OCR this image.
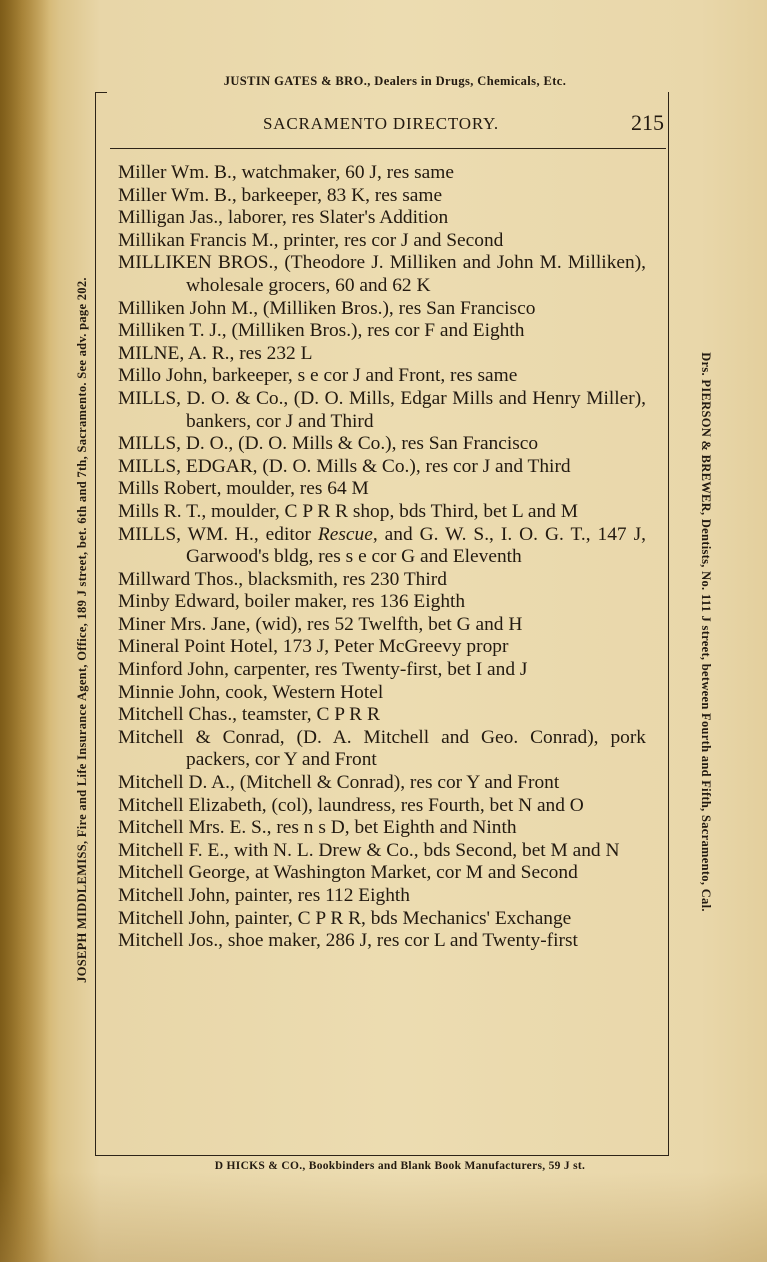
JUSTIN GATES & BRO., Dealers in Drugs, Chemicals, Etc.
SACRAMENTO DIRECTORY.	215
Miller Wm. B., watchmaker, 60 J, res same
Miller Wm. B., barkeeper, 83 K, res same
Milligan Jas., laborer, res Slater's Addition
Millikan Francis M., printer, res cor J and Second
MILLIKEN BROS., (Theodore J. Milliken and John M. Milliken), wholesale grocers, 60 and 62 K
Milliken John M., (Milliken Bros.), res San Francisco
Milliken T. J., (Milliken Bros.), res cor F and Eighth
MILNE, A. R., res 232 L
Millo John, barkeeper, s e cor J and Front, res same
MILLS, D. O. & Co., (D. O. Mills, Edgar Mills and Henry Miller), bankers, cor J and Third
MILLS, D. O., (D. O. Mills & Co.), res San Francisco
MILLS, EDGAR, (D. O. Mills & Co.), res cor J and Third
Mills Robert, moulder, res 64 M
Mills R. T., moulder, C P R R shop, bds Third, bet L and M
MILLS, WM. H., editor Rescue, and G. W. S., I. O. G. T., 147 J, Garwood's bldg, res s e cor G and Eleventh
Millward Thos., blacksmith, res 230 Third
Minby Edward, boiler maker, res 136 Eighth
Miner Mrs. Jane, (wid), res 52 Twelfth, bet G and H
Mineral Point Hotel, 173 J, Peter McGreevy propr
Minford John, carpenter, res Twenty-first, bet I and J
Minnie John, cook, Western Hotel
Mitchell Chas., teamster, C P R R
Mitchell & Conrad, (D. A. Mitchell and Geo. Conrad), pork packers, cor Y and Front
Mitchell D. A., (Mitchell & Conrad), res cor Y and Front
Mitchell Elizabeth, (col), laundress, res Fourth, bet N and O
Mitchell Mrs. E. S., res n s D, bet Eighth and Ninth
Mitchell F. E., with N. L. Drew & Co., bds Second, bet M and N
Mitchell George, at Washington Market, cor M and Second
Mitchell John, painter, res 112 Eighth
Mitchell John, painter, C P R R, bds Mechanics' Exchange
Mitchell Jos., shoe maker, 286 J, res cor L and Twenty-first
JOSEPH MIDDLEMISS, Fire and Life Insurance Agent, Office, 189 J street, bet. 6th and 7th, Sacramento. See adv. page 202.	Drs. PIERSON & BREWER, Dentists, No. 111 J street, between Fourth and Fifth, Sacramento, Cal.
D HICKS & CO., Bookbinders and Blank Book Manufacturers, 59 J st.
